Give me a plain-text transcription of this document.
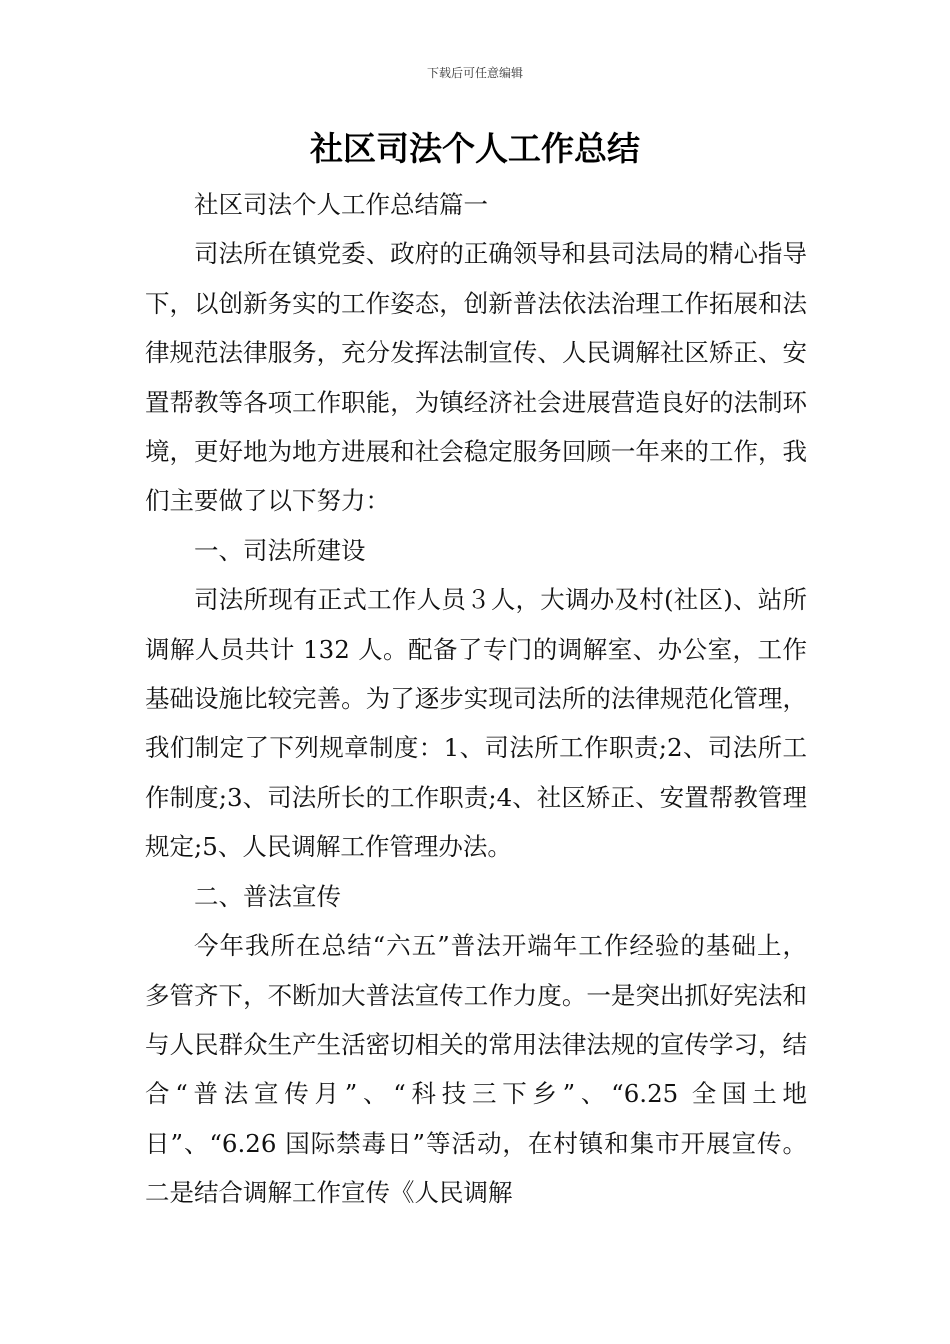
下载后可任意编辑
社区司法个人工作总结

社区司法个人工作总结篇一

司法所在镇党委、政府的正确领导和县司法局的精心指导下，以创新务实的工作姿态，创新普法依法治理工作拓展和法律规范法律服务，充分发挥法制宣传、人民调解社区矫正、安置帮教等各项工作职能，为镇经济社会进展营造良好的法制环境，更好地为地方进展和社会稳定服务回顾一年来的工作，我们主要做了以下努力：

一、司法所建设

司法所现有正式工作人员３人，大调办及村(社区)、站所调解人员共计 132 人。配备了专门的调解室、办公室，工作基础设施比较完善。为了逐步实现司法所的法律规范化管理，我们制定了下列规章制度：1、司法所工作职责;2、司法所工作制度;3、司法所长的工作职责;4、社区矫正、安置帮教管理规定;5、人民调解工作管理办法。

二、普法宣传

今年我所在总结“六五”普法开端年工作经验的基础上，多管齐下，不断加大普法宣传工作力度。一是突出抓好宪法和与人民群众生产生活密切相关的常用法律法规的宣传学习，结合“普法宣传月”、“科技三下乡”、“6.25 全国土地日”、“6.26 国际禁毒日”等活动，在村镇和集市开展宣传。二是结合调解工作宣传《人民调解
